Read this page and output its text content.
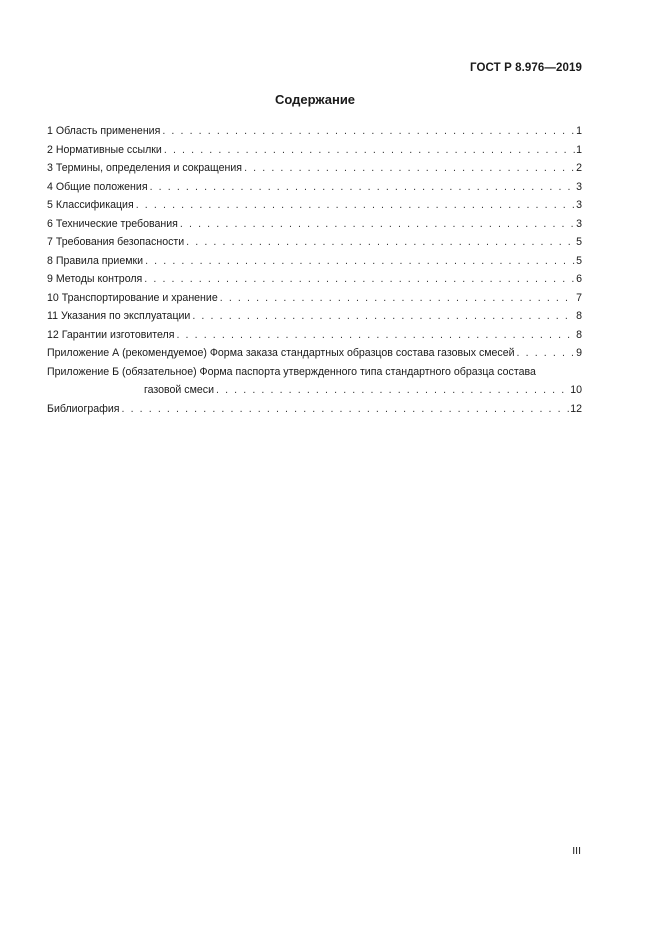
ГОСТ Р 8.976—2019
Содержание
1 Область применения . . .	1
2 Нормативные ссылки . . .	1
3 Термины, определения и сокращения . . .	2
4 Общие положения . . .	3
5 Классификация . . .	3
6 Технические требования . . .	3
7 Требования безопасности . . .	5
8 Правила приемки . . .	5
9 Методы контроля . . .	6
10 Транспортирование и хранение . . .	7
11 Указания по эксплуатации . . .	8
12 Гарантии изготовителя . . .	8
Приложение А (рекомендуемое) Форма заказа стандартных образцов состава газовых смесей . . .	9
Приложение Б (обязательное) Форма паспорта утвержденного типа стандартного образца состава
газовой смеси . . .	10
Библиография . . .	12
III
